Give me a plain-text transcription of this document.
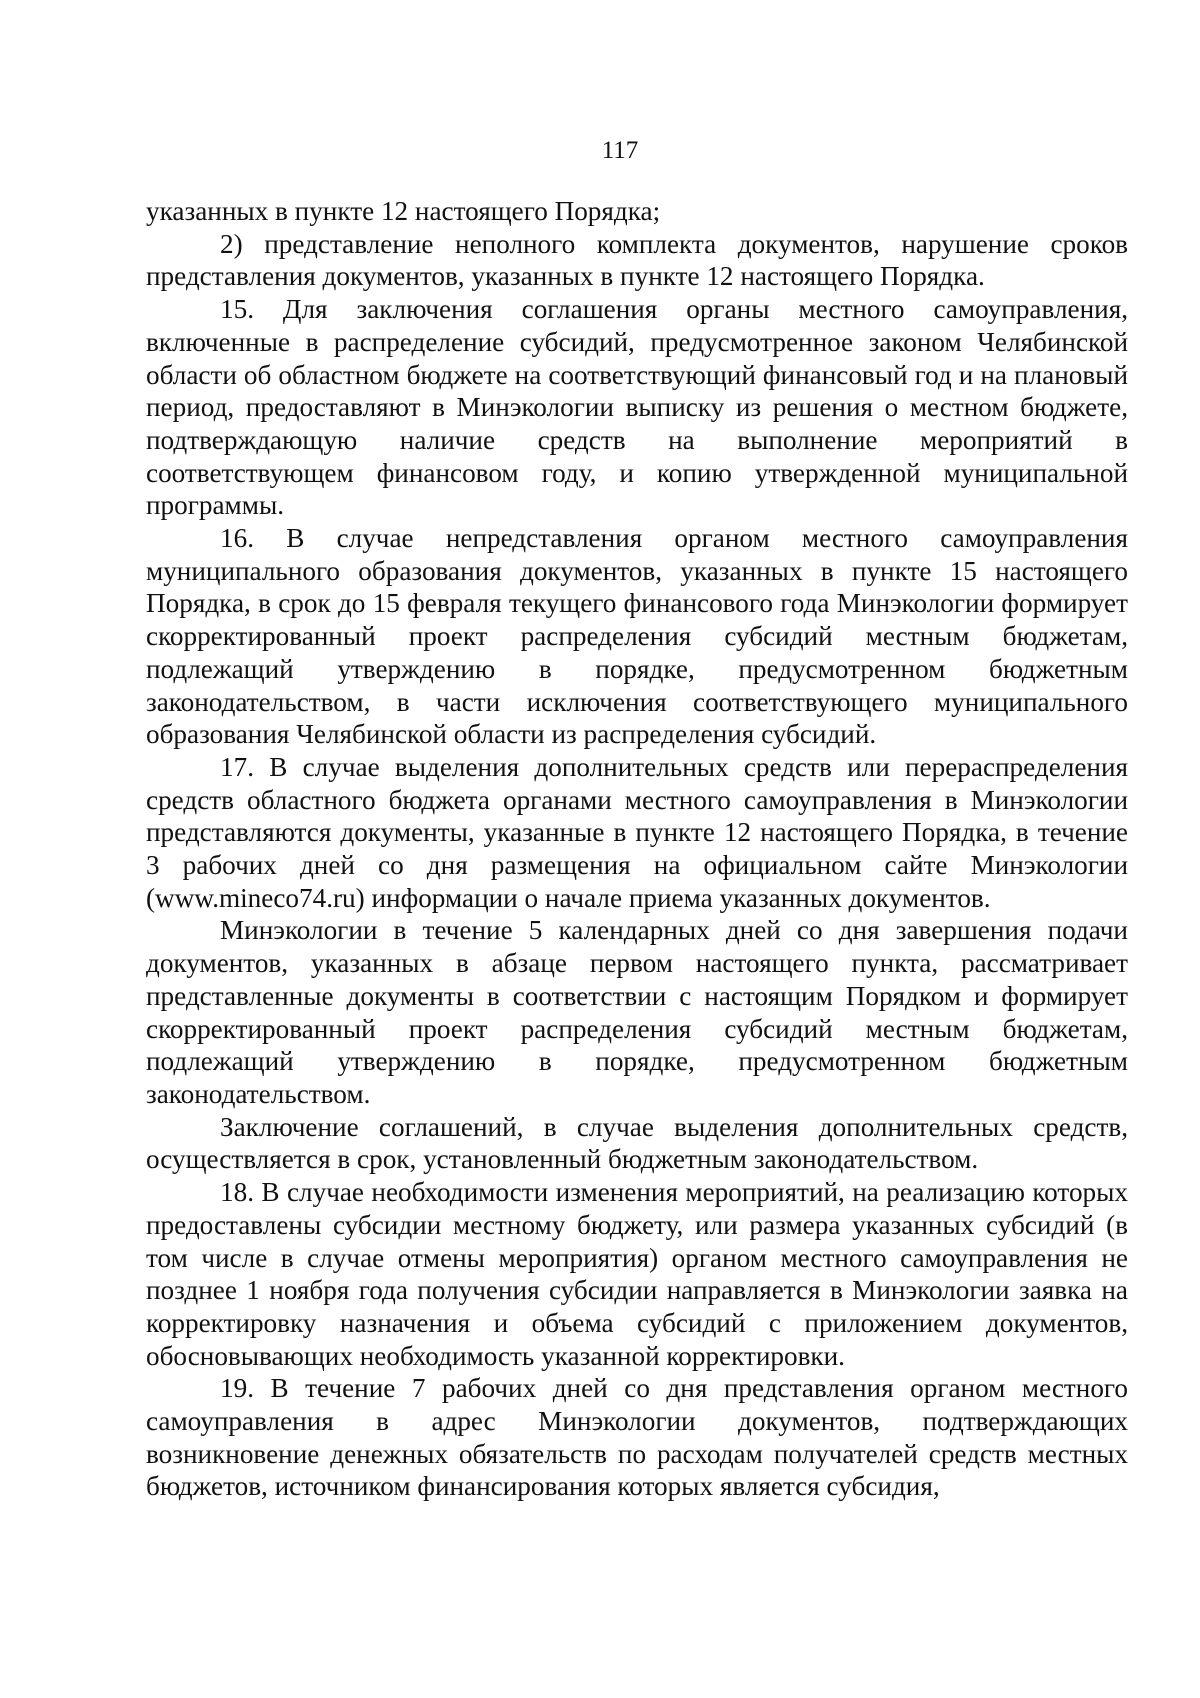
117

указанных в пункте 12 настоящего Порядка;

2) представление неполного комплекта документов, нарушение сроков представления документов, указанных в пункте 12 настоящего Порядка.

15. Для заключения соглашения органы местного самоуправления, включенные в распределение субсидий, предусмотренное законом Челябинской области об областном бюджете на соответствующий финансовый год и на плановый период, предоставляют в Минэкологии выписку из решения о местном бюджете, подтверждающую наличие средств на выполнение мероприятий в соответствующем финансовом году, и копию утвержденной муниципальной программы.

16. В случае непредставления органом местного самоуправления муниципального образования документов, указанных в пункте 15 настоящего Порядка, в срок до 15 февраля текущего финансового года Минэкологии формирует скорректированный проект распределения субсидий местным бюджетам, подлежащий утверждению в порядке, предусмотренном бюджетным законодательством, в части исключения соответствующего муниципального образования Челябинской области из распределения субсидий.

17. В случае выделения дополнительных средств или перераспределения средств областного бюджета органами местного самоуправления в Минэкологии представляются документы, указанные в пункте 12 настоящего Порядка, в течение 3 рабочих дней со дня размещения на официальном сайте Минэкологии (www.mineco74.ru) информации о начале приема указанных документов.

Минэкологии в течение 5 календарных дней со дня завершения подачи документов, указанных в абзаце первом настоящего пункта, рассматривает представленные документы в соответствии с настоящим Порядком и формирует скорректированный проект распределения субсидий местным бюджетам, подлежащий утверждению в порядке, предусмотренном бюджетным законодательством.

Заключение соглашений, в случае выделения дополнительных средств, осуществляется в срок, установленный бюджетным законодательством.

18. В случае необходимости изменения мероприятий, на реализацию которых предоставлены субсидии местному бюджету, или размера указанных субсидий (в том числе в случае отмены мероприятия) органом местного самоуправления не позднее 1 ноября года получения субсидии направляется в Минэкологии заявка на корректировку назначения и объема субсидий с приложением документов, обосновывающих необходимость указанной корректировки.

19. В течение 7 рабочих дней со дня представления органом местного самоуправления в адрес Минэкологии документов, подтверждающих возникновение денежных обязательств по расходам получателей средств местных бюджетов, источником финансирования которых является субсидия,
